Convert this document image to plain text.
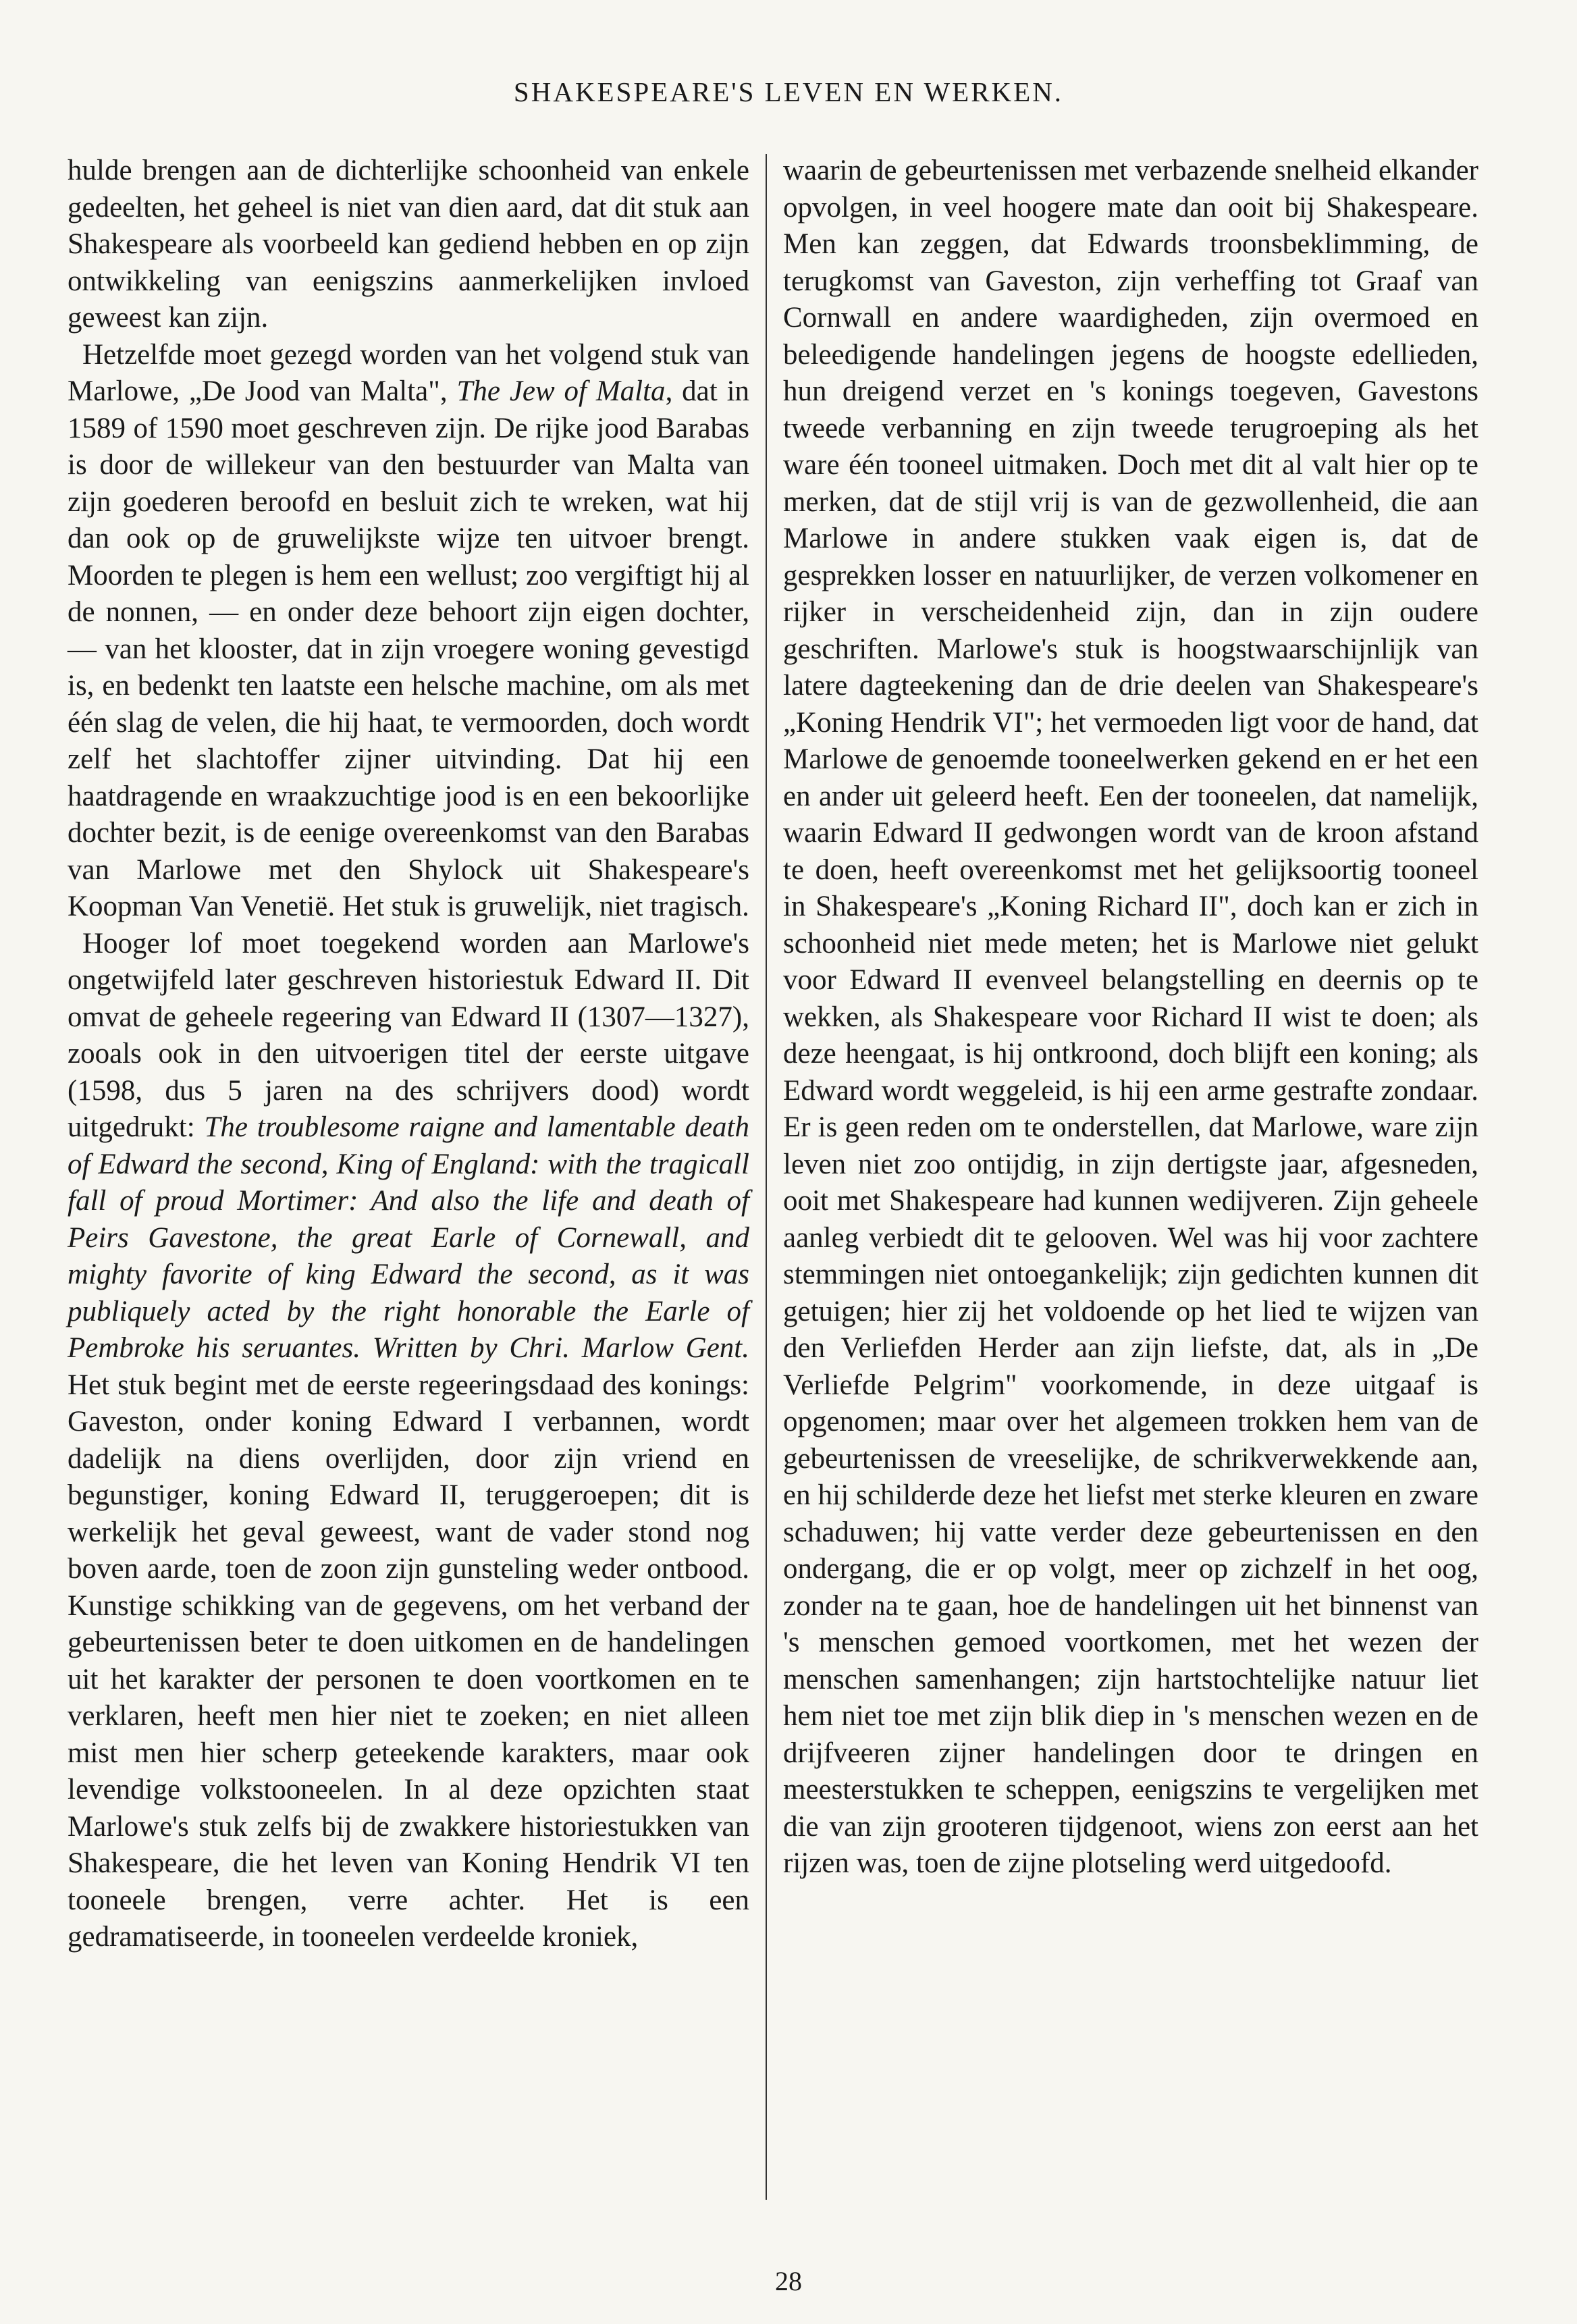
SHAKESPEARE'S LEVEN EN WERKEN.

hulde brengen aan de dichterlijke schoonheid van enkele gedeelten, het geheel is niet van dien aard, dat dit stuk aan Shakespeare als voorbeeld kan gediend hebben en op zijn ontwikkeling van eenigszins aanmerkelijken invloed geweest kan zijn.

Hetzelfde moet gezegd worden van het volgend stuk van Marlowe, „De Jood van Malta", The Jew of Malta, dat in 1589 of 1590 moet geschreven zijn. De rijke jood Barabas is door de willekeur van den bestuurder van Malta van zijn goederen beroofd en besluit zich te wreken, wat hij dan ook op de gruwelijkste wijze ten uitvoer brengt. Moorden te plegen is hem een wellust; zoo vergiftigt hij al de nonnen, — en onder deze behoort zijn eigen dochter, — van het klooster, dat in zijn vroegere woning gevestigd is, en bedenkt ten laatste een helsche machine, om als met één slag de velen, die hij haat, te vermoorden, doch wordt zelf het slachtoffer zijner uitvinding. Dat hij een haatdragende en wraakzuchtige jood is en een bekoorlijke dochter bezit, is de eenige overeenkomst van den Barabas van Marlowe met den Shylock uit Shakespeare's Koopman Van Venetië. Het stuk is gruwelijk, niet tragisch.

Hooger lof moet toegekend worden aan Marlowe's ongetwijfeld later geschreven historiestuk Edward II. Dit omvat de geheele regeering van Edward II (1307—1327), zooals ook in den uitvoerigen titel der eerste uitgave (1598, dus 5 jaren na des schrijvers dood) wordt uitgedrukt: The troublesome raigne and lamentable death of Edward the second, King of England: with the tragicall fall of proud Mortimer: And also the life and death of Peirs Gavestone, the great Earle of Cornewall, and mighty favorite of king Edward the second, as it was publiquely acted by the right honorable the Earle of Pembroke his seruantes. Written by Chri. Marlow Gent. Het stuk begint met de eerste regeeringsdaad des konings: Gaveston, onder koning Edward I verbannen, wordt dadelijk na diens overlijden, door zijn vriend en begunstiger, koning Edward II, teruggeroepen; dit is werkelijk het geval geweest, want de vader stond nog boven aarde, toen de zoon zijn gunsteling weder ontbood. Kunstige schikking van de gegevens, om het verband der gebeurtenissen beter te doen uitkomen en de handelingen uit het karakter der personen te doen voortkomen en te verklaren, heeft men hier niet te zoeken; en niet alleen mist men hier scherp geteekende karakters, maar ook levendige volkstooneelen. In al deze opzichten staat Marlowe's stuk zelfs bij de zwakkere historiestukken van Shakespeare, die het leven van Koning Hendrik VI ten tooneele brengen, verre achter. Het is een gedramatiseerde, in tooneelen verdeelde kroniek,

waarin de gebeurtenissen met verbazende snelheid elkander opvolgen, in veel hoogere mate dan ooit bij Shakespeare. Men kan zeggen, dat Edwards troonsbeklimming, de terugkomst van Gaveston, zijn verheffing tot Graaf van Cornwall en andere waardigheden, zijn overmoed en beleedigende handelingen jegens de hoogste edellieden, hun dreigend verzet en 's konings toegeven, Gavestons tweede verbanning en zijn tweede terugroeping als het ware één tooneel uitmaken. Doch met dit al valt hier op te merken, dat de stijl vrij is van de gezwollenheid, die aan Marlowe in andere stukken vaak eigen is, dat de gesprekken losser en natuurlijker, de verzen volkomener en rijker in verscheidenheid zijn, dan in zijn oudere geschriften. Marlowe's stuk is hoogstwaarschijnlijk van latere dagteekening dan de drie deelen van Shakespeare's „Koning Hendrik VI"; het vermoeden ligt voor de hand, dat Marlowe de genoemde tooneelwerken gekend en er het een en ander uit geleerd heeft. Een der tooneelen, dat namelijk, waarin Edward II gedwongen wordt van de kroon afstand te doen, heeft overeenkomst met het gelijksoortig tooneel in Shakespeare's „Koning Richard II", doch kan er zich in schoonheid niet mede meten; het is Marlowe niet gelukt voor Edward II evenveel belangstelling en deernis op te wekken, als Shakespeare voor Richard II wist te doen; als deze heengaat, is hij ontkroond, doch blijft een koning; als Edward wordt weggeleid, is hij een arme gestrafte zondaar. Er is geen reden om te onderstellen, dat Marlowe, ware zijn leven niet zoo ontijdig, in zijn dertigste jaar, afgesneden, ooit met Shakespeare had kunnen wedijveren. Zijn geheele aanleg verbiedt dit te gelooven. Wel was hij voor zachtere stemmingen niet ontoegankelijk; zijn gedichten kunnen dit getuigen; hier zij het voldoende op het lied te wijzen van den Verliefden Herder aan zijn liefste, dat, als in „De Verliefde Pelgrim" voorkomende, in deze uitgaaf is opgenomen; maar over het algemeen trokken hem van de gebeurtenissen de vreeselijke, de schrikverwekkende aan, en hij schilderde deze het liefst met sterke kleuren en zware schaduwen; hij vatte verder deze gebeurtenissen en den ondergang, die er op volgt, meer op zichzelf in het oog, zonder na te gaan, hoe de handelingen uit het binnenst van 's menschen gemoed voortkomen, met het wezen der menschen samenhangen; zijn hartstochtelijke natuur liet hem niet toe met zijn blik diep in 's menschen wezen en de drijfveeren zijner handelingen door te dringen en meesterstukken te scheppen, eenigszins te vergelijken met die van zijn grooteren tijdgenoot, wiens zon eerst aan het rijzen was, toen de zijne plotseling werd uitgedoofd.

28
